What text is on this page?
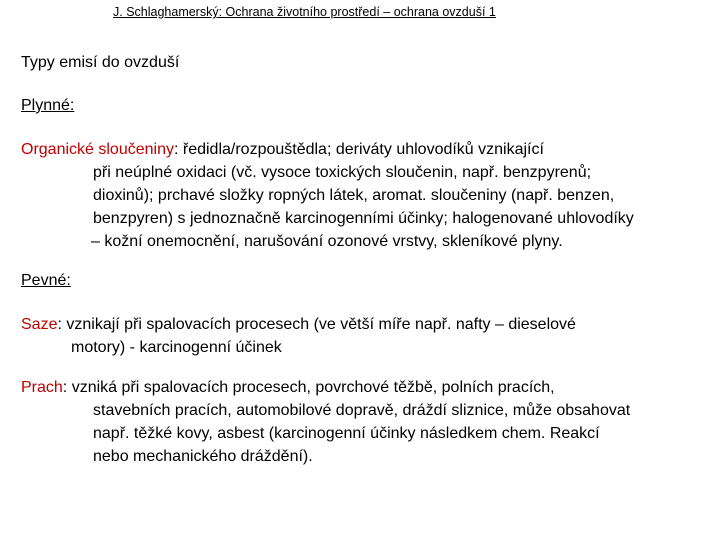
J. Schlaghamerský: Ochrana životního prostředí – ochrana ovzduší 1
Typy emisí do ovzduší
Plynné:
Organické sloučeniny: ředidla/rozpouštědla; deriváty uhlovodíků vznikající
při neúplné oxidaci (vč. vysoce toxických sloučenin, např. benzpyrenů;
dioxinů); prchavé složky ropných látek, aromat. sloučeniny (např. benzen,
benzpyren) s jednoznačně karcinogenními účinky; halogenované uhlovodíky
– kožní onemocnění, narušování ozonové vrstvy, skleníkové plyny.
Pevné:
Saze: vznikají při spalovacích procesech (ve větší míře např. nafty – dieselové
motory) - karcinogenní účinek
Prach: vzniká při spalovacích procesech, povrchové těžbě, polních pracích,
stavebních pracích, automobilové dopravě, dráždí sliznice, může obsahovat
např. těžké kovy, asbest (karcinogenní účinky následkem chem. Reakcí
nebo mechanického dráždění).
